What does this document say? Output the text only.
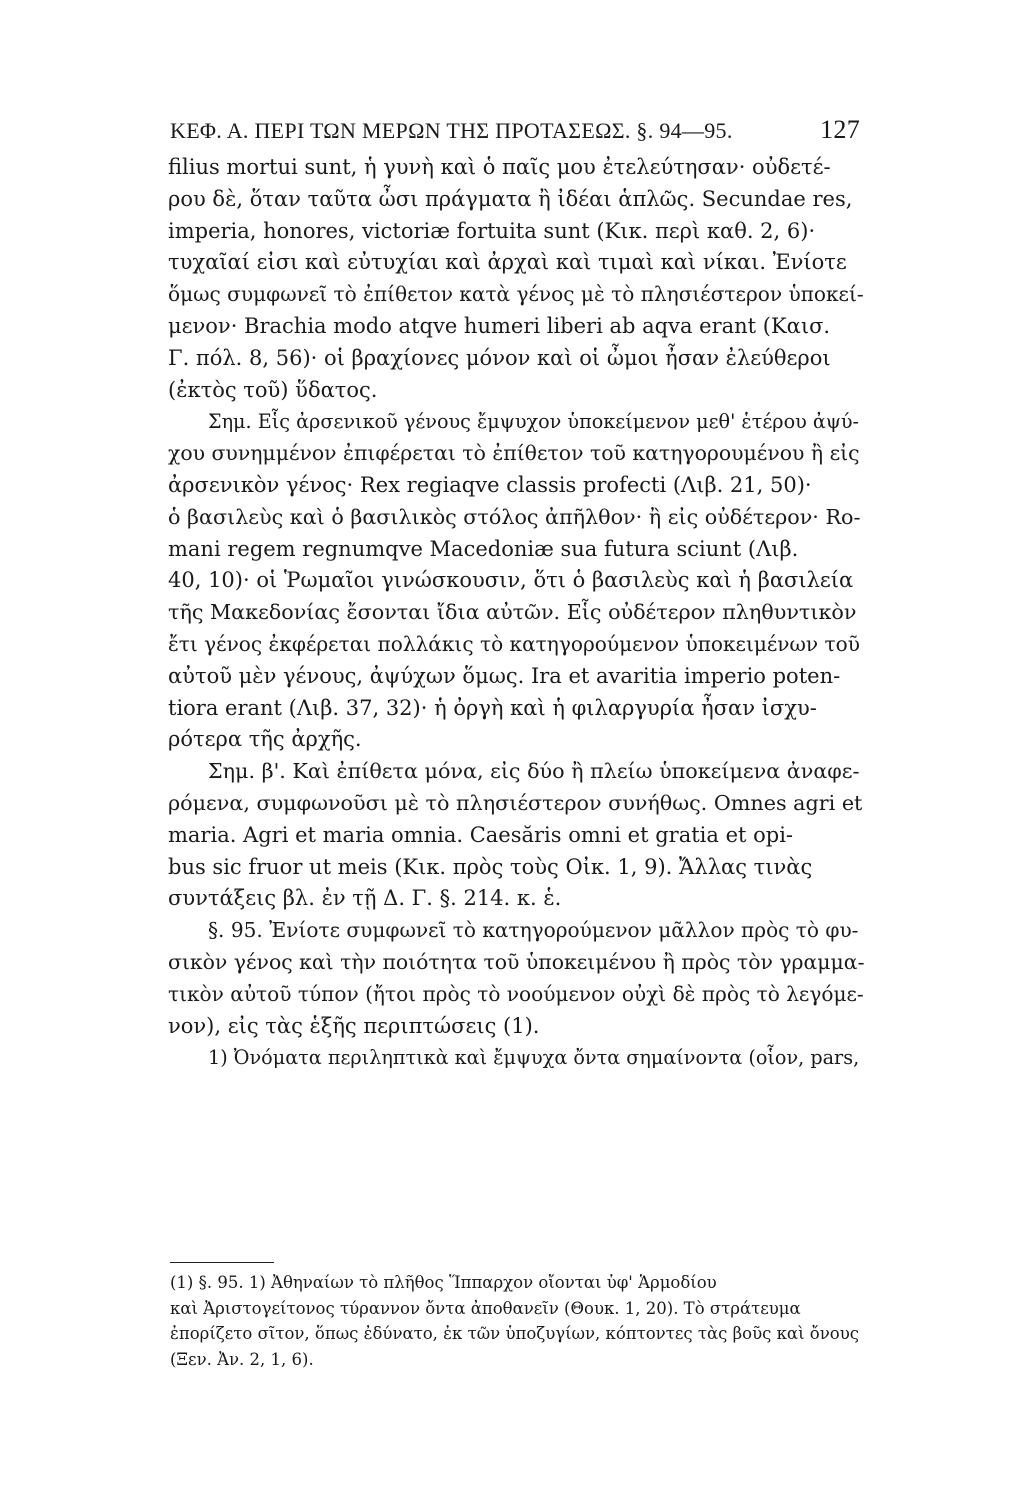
ΚΕΦ. Α. ΠΕΡΙ ΤΩΝ ΜΕΡΩΝ ΤΗΣ ΠΡΟΤΑΣΕΩΣ. §. 94—95.	127
filius mortui sunt, ἡ γυνὴ καὶ ὁ παῖς μου ἐτελεύτησαν· οὐδετέ-
ρου δὲ, ὅταν ταῦτα ὦσι πράγματα ἢ ἰδέαι ἁπλῶς. Secundae res,
imperia, honores, victoriæ fortuita sunt (Κικ. περὶ καθ. 2, 6)·
τυχαῖαί εἰσι καὶ εὐτυχίαι καὶ ἀρχαὶ καὶ τιμαὶ καὶ νίκαι. Ἐνίοτε
ὅμως συμφωνεῖ τὸ ἐπίθετον κατὰ γένος μὲ τὸ πλησιέστερον ὑποκεί-
μενον· Brachia modo atqve humeri liberi ab aqva erant (Καισ.
Γ. πόλ. 8, 56)· οἱ βραχίονες μόνον καὶ οἱ ὦμοι ἦσαν ἐλεύθεροι
(ἐκτὸς τοῦ) ὕδατος.
Σημ. Εἷς ἀρσενικοῦ γένους ἔμψυχον ὑποκείμενον μεθ' ἑτέρου ἀψύ-
χου συνημμένον ἐπιφέρεται τὸ ἐπίθετον τοῦ κατηγορουμένου ἢ εἰς
ἀρσενικὸν γένος· Rex regiaqve classis profecti (Λιβ. 21, 50)·
ὁ βασιλεὺς καὶ ὁ βασιλικὸς στόλος ἀπῆλθον· ἢ εἰς οὐδέτερον· Ro-
mani regem regnumqve Macedoniæ sua futura sciunt (Λιβ.
40, 10)· οἱ Ῥωμαῖοι γινώσκουσιν, ὅτι ὁ βασιλεὺς καὶ ἡ βασιλεία
τῆς Μακεδονίας ἔσονται ἴδια αὐτῶν. Εἷς οὐδέτερον πληθυντικὸν
ἔτι γένος ἐκφέρεται πολλάκις τὸ κατηγορούμενον ὑποκειμένων τοῦ
αὐτοῦ μὲν γένους, ἀψύχων ὅμως. Ira et avaritia imperio poten-
tiora erant (Λιβ. 37, 32)· ἡ ὀργὴ καὶ ἡ φιλαργυρία ἦσαν ἰσχυ-
ρότερα τῆς ἀρχῆς.
Σημ. β'. Καὶ ἐπίθετα μόνα, εἰς δύο ἢ πλείω ὑποκείμενα ἀναφε-
ρόμενα, συμφωνοῦσι μὲ τὸ πλησιέστερον συνήθως. Omnes agri et
maria. Agri et maria omnia. Caesăris omni et gratia et opi-
bus sic fruor ut meis (Κικ. πρὸς τοὺς Οἰκ. 1, 9). Ἄλλας τινὰς
συντάξεις βλ. ἐν τῇ Δ. Γ. §. 214. κ. ἑ.
§. 95. Ἐνίοτε συμφωνεῖ τὸ κατηγορούμενον μᾶλλον πρὸς τὸ φυ-
σικὸν γένος καὶ τὴν ποιότητα τοῦ ὑποκειμένου ἢ πρὸς τὸν γραμμα-
τικὸν αὐτοῦ τύπον (ἤτοι πρὸς τὸ νοούμενον οὐχὶ δὲ πρὸς τὸ λεγόμε-
νον), εἰς τὰς ἑξῆς περιπτώσεις (1).
1) Ὀνόματα περιληπτικὰ καὶ ἔμψυχα ὄντα σημαίνοντα (οἷον, pars,
(1) §. 95. 1) Ἀθηναίων τὸ πλῆθος Ἵππαρχον οἴονται ὑφ' Ἁρμοδίου
καὶ Ἀριστογείτονος τύραννον ὄντα ἀποθανεῖν (Θουκ. 1, 20). Τὸ στράτευμα
ἐπορίζετο σῖτον, ὅπως ἐδύνατο, ἐκ τῶν ὑποζυγίων, κόπτοντες τὰς βοῦς καὶ ὄνους
(Ξεν. Ἀν. 2, 1, 6).
